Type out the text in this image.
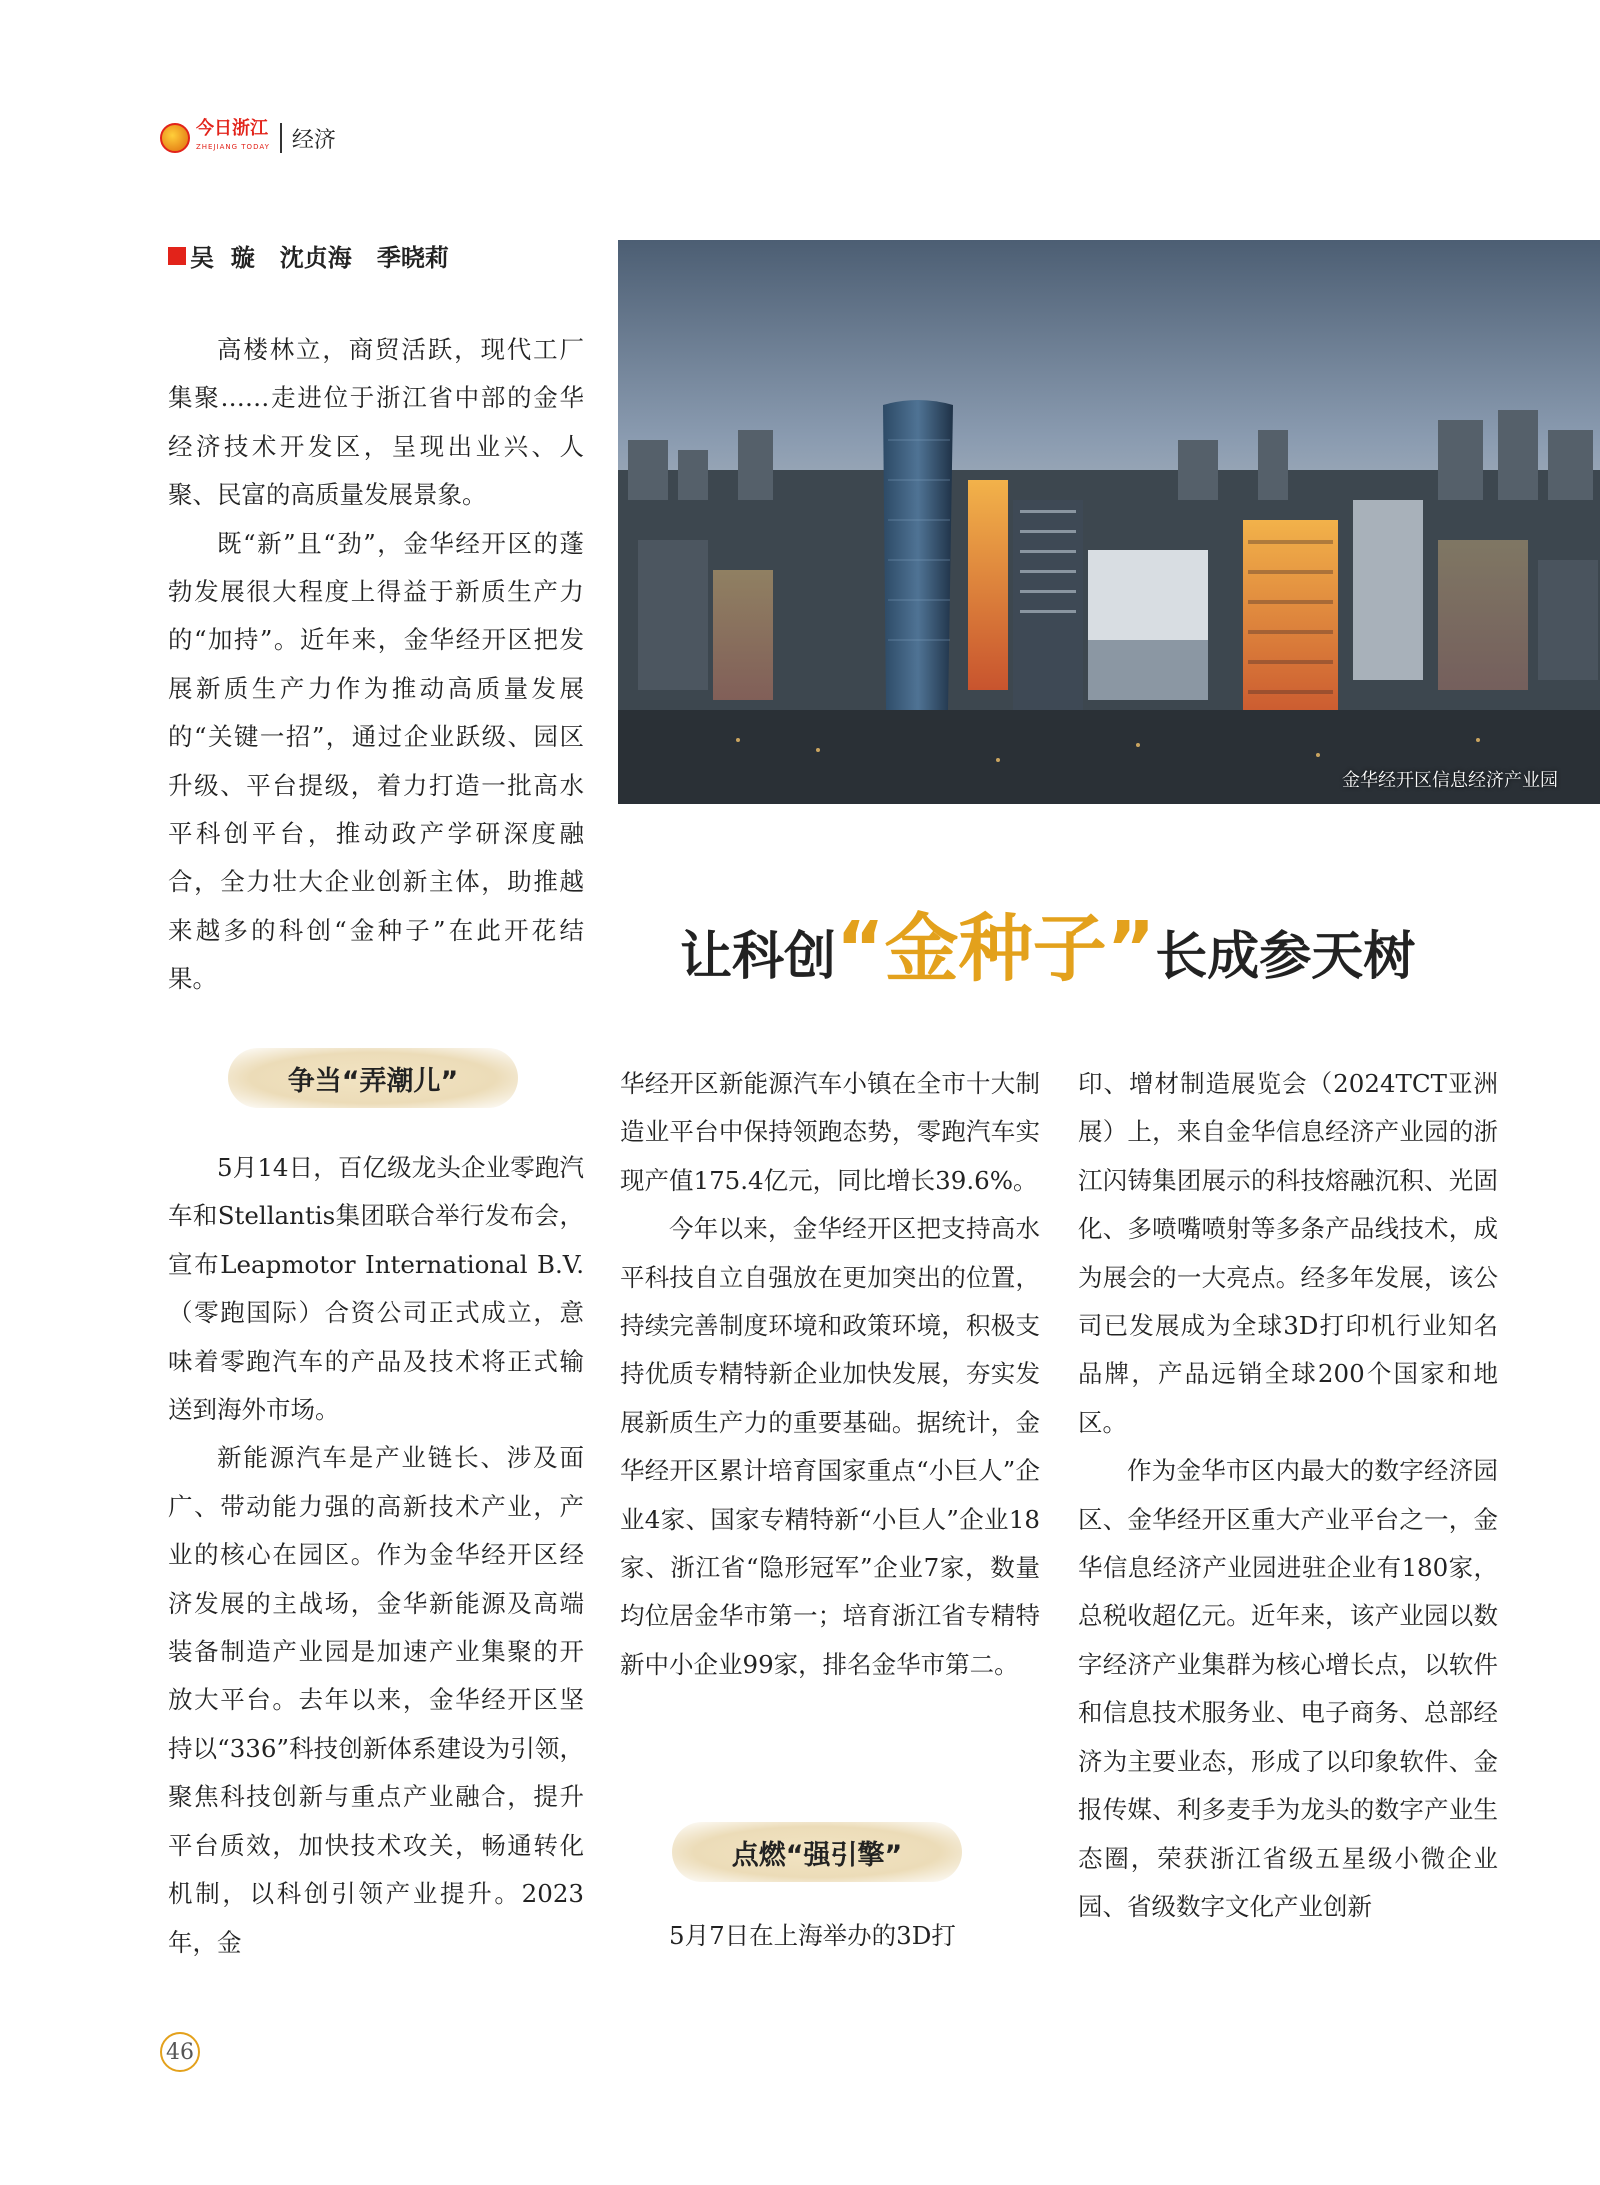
今日浙江
ZHEJIANG TODAY 经济
吴  璇   沈贞海   季晓莉

高楼林立，商贸活跃，现代工厂集聚……走进位于浙江省中部的金华经济技术开发区，呈现出业兴、人聚、民富的高质量发展景象。

既“新”且“劲”，金华经开区的蓬勃发展很大程度上得益于新质生产力的“加持”。近年来，金华经开区把发展新质生产力作为推动高质量发展的“关键一招”，通过企业跃级、园区升级、平台提级，着力打造一批高水平科创平台，推动政产学研深度融合，全力壮大企业创新主体，助推越来越多的科创“金种子”在此开花结果。

金华经开区信息经济产业园
让科创“金种子”长成参天树
争当“弄潮儿”

5月14日，百亿级龙头企业零跑汽车和Stellantis集团联合举行发布会，宣布Leapmotor International B.V.（零跑国际）合资公司正式成立，意味着零跑汽车的产品及技术将正式输送到海外市场。

新能源汽车是产业链长、涉及面广、带动能力强的高新技术产业，产业的核心在园区。作为金华经开区经济发展的主战场，金华新能源及高端装备制造产业园是加速产业集聚的开放大平台。去年以来，金华经开区坚持以“336”科技创新体系建设为引领，聚焦科技创新与重点产业融合，提升平台质效，加快技术攻关，畅通转化机制，以科创引领产业提升。2023年，金

华经开区新能源汽车小镇在全市十大制造业平台中保持领跑态势，零跑汽车实现产值175.4亿元，同比增长39.6%。

今年以来，金华经开区把支持高水平科技自立自强放在更加突出的位置，持续完善制度环境和政策环境，积极支持优质专精特新企业加快发展，夯实发展新质生产力的重要基础。据统计，金华经开区累计培育国家重点“小巨人”企业4家、国家专精特新“小巨人”企业18家、浙江省“隐形冠军”企业7家，数量均位居金华市第一；培育浙江省专精特新中小企业99家，排名金华市第二。

点燃“强引擎”

5月7日在上海举办的3D打

印、增材制造展览会（2024TCT亚洲展）上，来自金华信息经济产业园的浙江闪铸集团展示的科技熔融沉积、光固化、多喷嘴喷射等多条产品线技术，成为展会的一大亮点。经多年发展，该公司已发展成为全球3D打印机行业知名品牌，产品远销全球200个国家和地区。

作为金华市区内最大的数字经济园区、金华经开区重大产业平台之一，金华信息经济产业园进驻企业有180家，总税收超亿元。近年来，该产业园以数字经济产业集群为核心增长点，以软件和信息技术服务业、电子商务、总部经济为主要业态，形成了以印象软件、金报传媒、利多麦手为龙头的数字产业生态圈，荣获浙江省级五星级小微企业园、省级数字文化产业创新

46
